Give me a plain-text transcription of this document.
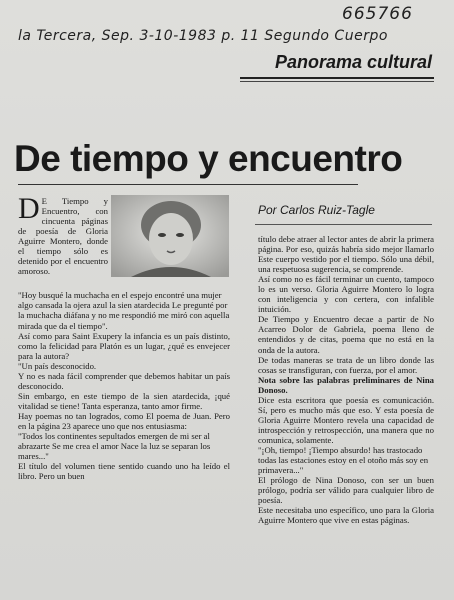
665766
la Tercera, Sep. 3-10-1983 p. 11 Segundo Cuerpo
Panorama cultural
De tiempo y encuentro
Por Carlos Ruiz-Tagle

D E Tiempo y Encuentro, con cincuenta páginas de poesía de Gloria Aguirre Montero, donde el tiempo sólo es detenido por el encuentro amoroso.

"Hoy busqué la muchacha en el espejo encontré una mujer algo cansada la ojera azul la sien atardecida Le pregunté por la muchacha diáfana y no me respondió me miró con aquella mirada que da el tiempo".

Así como para Saint Exupery la infancia es un país distinto, como la felicidad para Platón es un lugar, ¿qué es envejecer para la autora?

"Un país desconocido.

Y no es nada fácil comprender que debemos habitar un país desconocido.

Sin embargo, en este tiempo de la sien atardecida, ¡qué vitalidad se tiene! Tanta esperanza, tanto amor firme.

Hay poemas no tan logrados, como El poema de Juan. Pero en la página 23 aparece uno que nos entusiasma:

"Todos los continentes sepultados emergen de mi ser al abrazarte Se me crea el amor Nace la luz se separan los mares..."

El título del volumen tiene sentido cuando uno ha leído el libro. Pero un buen

título debe atraer al lector antes de abrir la primera página. Por eso, quizás habría sido mejor llamarlo Este cuerpo vestido por el tiempo. Sólo una débil, una respetuosa sugerencia, se comprende.

Así como no es fácil terminar un cuento, tampoco lo es un verso. Gloria Aguirre Montero lo logra con inteligencia y con certera, con infalible intuición.

De Tiempo y Encuentro decae a partir de No Acarreo Dolor de Gabriela, poema lleno de entendidos y de citas, poema que no está en la onda de la autora.

De todas maneras se trata de un libro donde las cosas se transfiguran, con fuerza, por el amor.

Nota sobre las palabras preliminares de Nina Donoso.

Dice esta escritora que poesía es comunicación. Sí, pero es mucho más que eso. Y esta poesía de Gloria Aguirre Montero revela una capacidad de introspección y retrospección, una manera que no comunica, solamente.

"¡Oh, tiempo! ¡Tiempo absurdo! has trastocado todas las estaciones estoy en el otoño más soy en primavera..."

El prólogo de Nina Donoso, con ser un buen prólogo, podría ser válido para cualquier libro de poesía.

Este necesitaba uno específico, uno para la Gloria Aguirre Montero que vive en estas páginas.
